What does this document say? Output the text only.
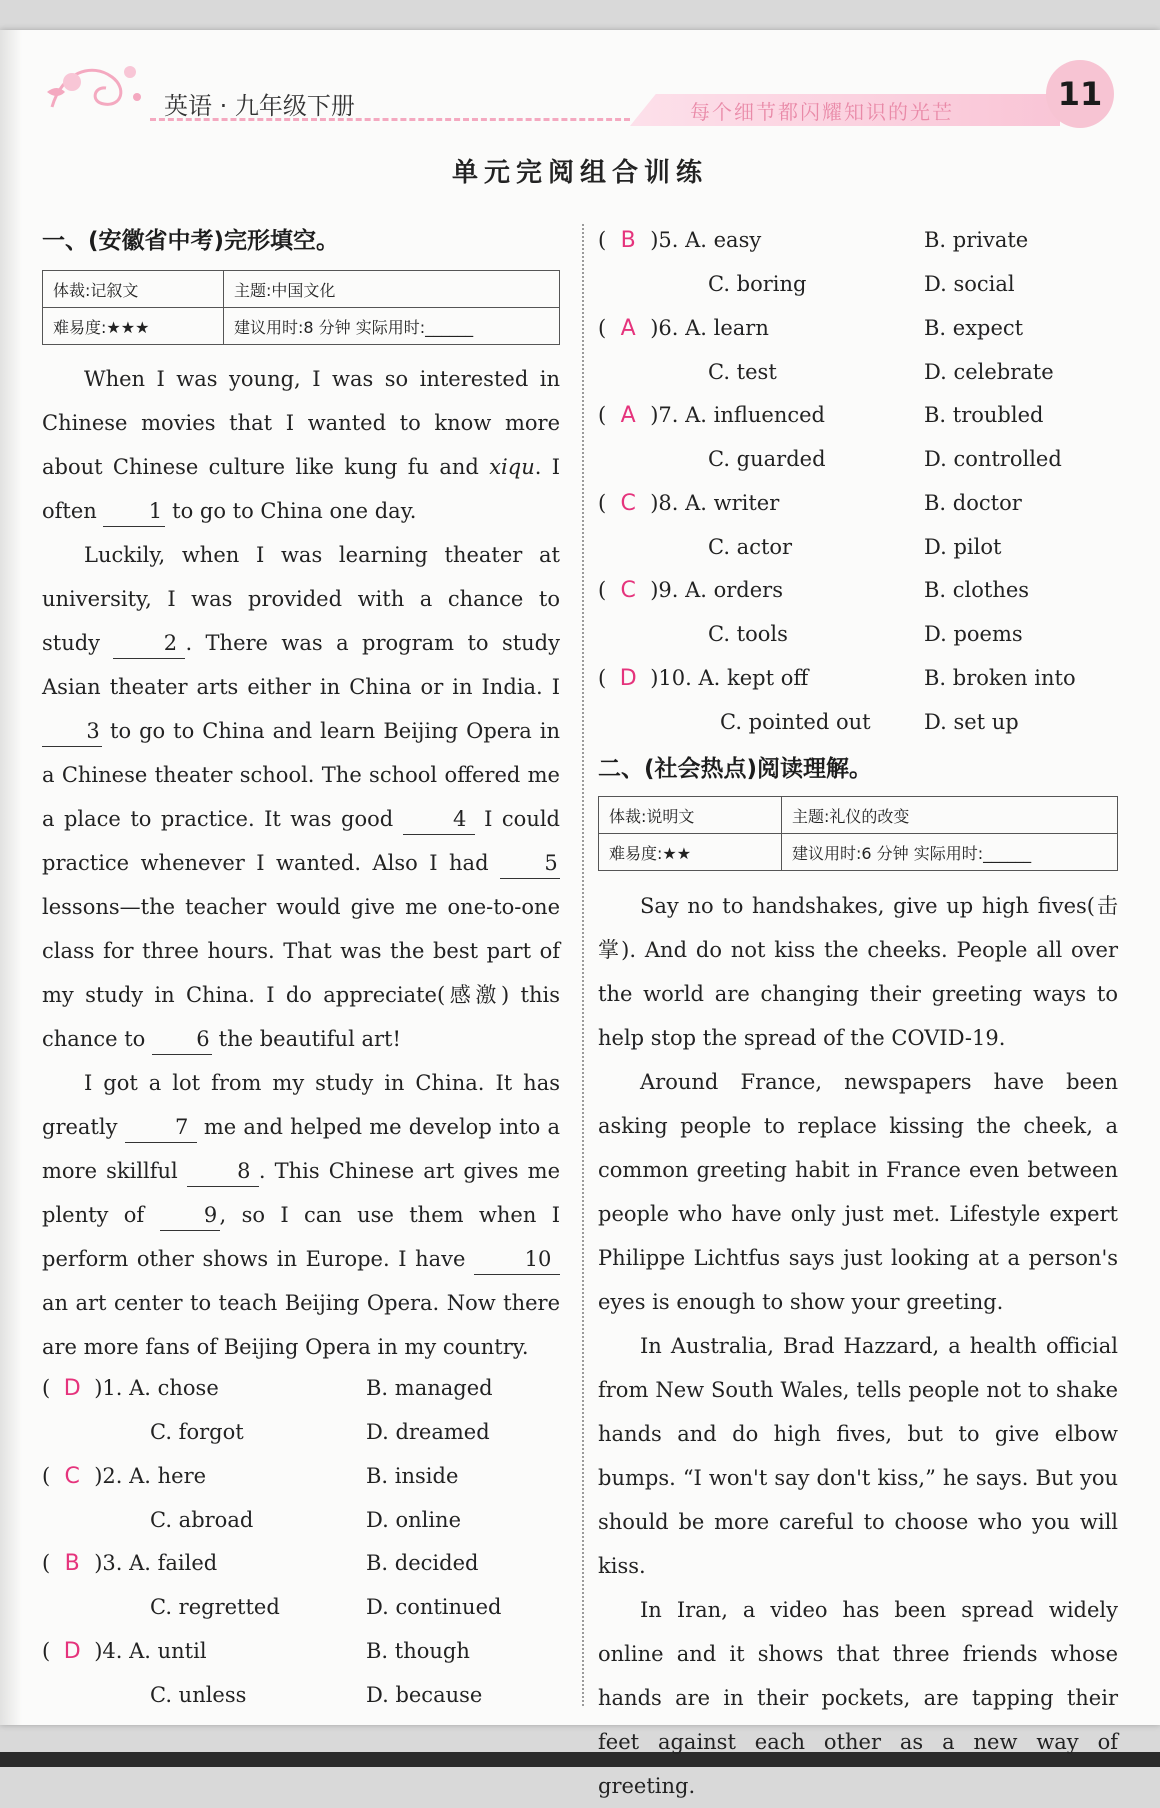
英语 · 九年级下册	每个细节都闪耀知识的光芒	11
单元完阅组合训练
一、(安徽省中考)完形填空。
体裁:记叙文	主题:中国文化
难易度:★★★	建议用时:8 分钟 实际用时:______

When I was young, I was so interested in Chinese movies that I wanted to know more about Chinese culture like kung fu and xiqu. I often 1 to go to China one day.

Luckily, when I was learning theater at university, I was provided with a chance to study 2 . There was a program to study Asian theater arts either in China or in India. I 3 to go to China and learn Beijing Opera in a Chinese theater school. The school offered me a place to practice. It was good 4 I could practice whenever I wanted. Also I had 5 lessons—the teacher would give me one-to-one class for three hours. That was the best part of my study in China. I do appreciate(感激) this chance to 6 the beautiful art!

I got a lot from my study in China. It has greatly 7 me and helped me develop into a more skillful 8 . This Chinese art gives me plenty of 9 , so I can use them when I perform other shows in Europe. I have 10 an art center to teach Beijing Opera. Now there are more fans of Beijing Opera in my country.

( D )1. A. chose	B. managed
C. forgot	D. dreamed
( C )2. A. here	B. inside
C. abroad	D. online
( B )3. A. failed	B. decided
C. regretted	D. continued
( D )4. A. until	B. though
C. unless	D. because
( B )5. A. easy	B. private
C. boring	D. social
( A )6. A. learn	B. expect
C. test	D. celebrate
( A )7. A. influenced	B. troubled
C. guarded	D. controlled
( C )8. A. writer	B. doctor
C. actor	D. pilot
( C )9. A. orders	B. clothes
C. tools	D. poems
( D )10. A. kept off	B. broken into
C. pointed out	D. set up
二、(社会热点)阅读理解。
体裁:说明文	主题:礼仪的改变
难易度:★★	建议用时:6 分钟 实际用时:______

Say no to handshakes, give up high fives(击掌). And do not kiss the cheeks. People all over the world are changing their greeting ways to help stop the spread of the COVID-19.

Around France, newspapers have been asking people to replace kissing the cheek, a common greeting habit in France even between people who have only just met. Lifestyle expert Philippe Lichtfus says just looking at a person's eyes is enough to show your greeting.

In Australia, Brad Hazzard, a health official from New South Wales, tells people not to shake hands and do high fives, but to give elbow bumps. “I won't say don't kiss,” he says. But you should be more careful to choose who you will kiss.

In Iran, a video has been spread widely online and it shows that three friends whose hands are in their pockets, are tapping their feet against each other as a new way of greeting.
